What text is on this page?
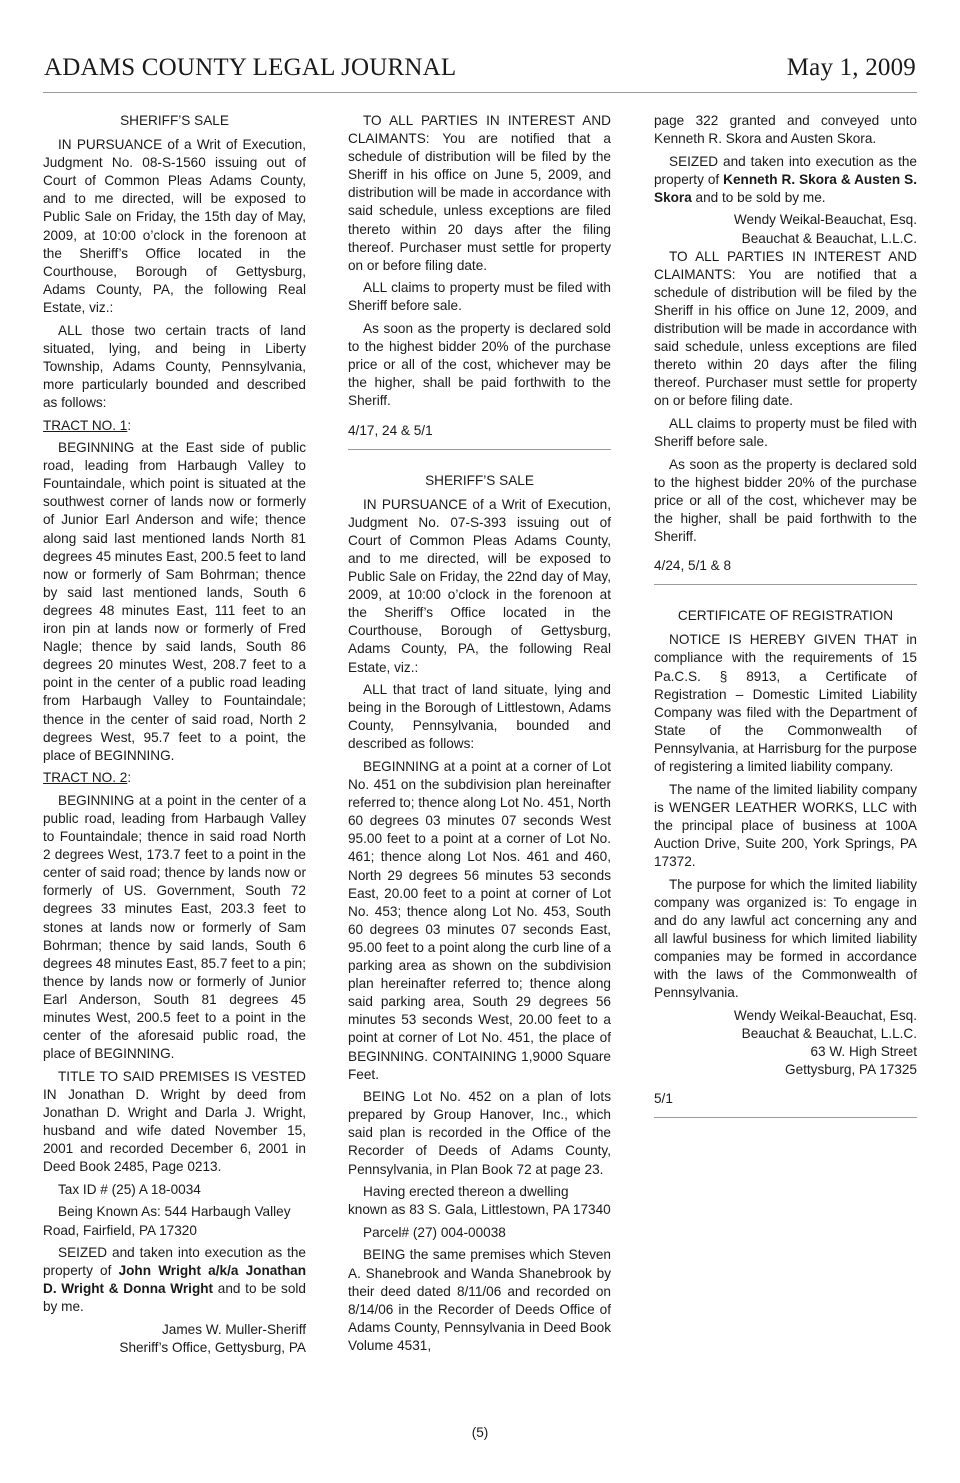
ADAMS COUNTY LEGAL JOURNAL	May 1, 2009

SHERIFF’S SALE

IN PURSUANCE of a Writ of Execution, Judgment No. 08-S-1560 issuing out of Court of Common Pleas Adams County, and to me directed, will be exposed to Public Sale on Friday, the 15th day of May, 2009, at 10:00 o’clock in the forenoon at the Sheriff’s Office located in the Courthouse, Borough of Gettysburg, Adams County, PA, the following Real Estate, viz.:

ALL those two certain tracts of land situated, lying, and being in Liberty Township, Adams County, Pennsylvania, more particularly bounded and described as follows:

TRACT NO. 1:

BEGINNING at the East side of public road, leading from Harbaugh Valley to Fountaindale, which point is situated at the southwest corner of lands now or formerly of Junior Earl Anderson and wife; thence along said last mentioned lands North 81 degrees 45 minutes East, 200.5 feet to land now or formerly of Sam Bohrman; thence by said last mentioned lands, South 6 degrees 48 minutes East, 111 feet to an iron pin at lands now or formerly of Fred Nagle; thence by said lands, South 86 degrees 20 minutes West, 208.7 feet to a point in the center of a public road leading from Harbaugh Valley to Fountaindale; thence in the center of said road, North 2 degrees West, 95.7 feet to a point, the place of BEGINNING.

TRACT NO. 2:

BEGINNING at a point in the center of a public road, leading from Harbaugh Valley to Fountaindale; thence in said road North 2 degrees West, 173.7 feet to a point in the center of said road; thence by lands now or formerly of US. Government, South 72 degrees 33 minutes East, 203.3 feet to stones at lands now or formerly of Sam Bohrman; thence by said lands, South 6 degrees 48 minutes East, 85.7 feet to a pin; thence by lands now or formerly of Junior Earl Anderson, South 81 degrees 45 minutes West, 200.5 feet to a point in the center of the aforesaid public road, the place of BEGINNING.

TITLE TO SAID PREMISES IS VESTED IN Jonathan D. Wright by deed from Jonathan D. Wright and Darla J. Wright, husband and wife dated November 15, 2001 and recorded December 6, 2001 in Deed Book 2485, Page 0213.

Tax ID # (25) A 18-0034

Being Known As: 544 Harbaugh Valley Road, Fairfield, PA 17320

SEIZED and taken into execution as the property of John Wright a/k/a Jonathan D. Wright & Donna Wright and to be sold by me.

James W. Muller-Sheriff

Sheriff’s Office, Gettysburg, PA

TO ALL PARTIES IN INTEREST AND CLAIMANTS: You are notified that a schedule of distribution will be filed by the Sheriff in his office on June 5, 2009, and distribution will be made in accordance with said schedule, unless exceptions are filed thereto within 20 days after the filing thereof. Purchaser must settle for property on or before filing date.

ALL claims to property must be filed with Sheriff before sale.

As soon as the property is declared sold to the highest bidder 20% of the purchase price or all of the cost, whichever may be the higher, shall be paid forthwith to the Sheriff.

4/17, 24 & 5/1

SHERIFF’S SALE

IN PURSUANCE of a Writ of Execution, Judgment No. 07-S-393 issuing out of Court of Common Pleas Adams County, and to me directed, will be exposed to Public Sale on Friday, the 22nd day of May, 2009, at 10:00 o’clock in the forenoon at the Sheriff’s Office located in the Courthouse, Borough of Gettysburg, Adams County, PA, the following Real Estate, viz.:

ALL that tract of land situate, lying and being in the Borough of Littlestown, Adams County, Pennsylvania, bounded and described as follows:

BEGINNING at a point at a corner of Lot No. 451 on the subdivision plan hereinafter referred to; thence along Lot No. 451, North 60 degrees 03 minutes 07 seconds West 95.00 feet to a point at a corner of Lot No. 461; thence along Lot Nos. 461 and 460, North 29 degrees 56 minutes 53 seconds East, 20.00 feet to a point at corner of Lot No. 453; thence along Lot No. 453, South 60 degrees 03 minutes 07 seconds East, 95.00 feet to a point along the curb line of a parking area as shown on the subdivision plan hereinafter referred to; thence along said parking area, South 29 degrees 56 minutes 53 seconds West, 20.00 feet to a point at corner of Lot No. 451, the place of BEGINNING. CONTAINING 1,9000 Square Feet.

BEING Lot No. 452 on a plan of lots prepared by Group Hanover, Inc., which said plan is recorded in the Office of the Recorder of Deeds of Adams County, Pennsylvania, in Plan Book 72 at page 23.

Having erected thereon a dwelling known as 83 S. Gala, Littlestown, PA 17340

Parcel# (27) 004-00038

BEING the same premises which Steven A. Shanebrook and Wanda Shanebrook by their deed dated 8/11/06 and recorded on 8/14/06 in the Recorder of Deeds Office of Adams County, Pennsylvania in Deed Book Volume 4531,

page 322 granted and conveyed unto Kenneth R. Skora and Austen Skora.

SEIZED and taken into execution as the property of Kenneth R. Skora & Austen S. Skora and to be sold by me.

Wendy Weikal-Beauchat, Esq.

Beauchat & Beauchat, L.L.C.

TO ALL PARTIES IN INTEREST AND CLAIMANTS: You are notified that a schedule of distribution will be filed by the Sheriff in his office on June 12, 2009, and distribution will be made in accordance with said schedule, unless exceptions are filed thereto within 20 days after the filing thereof. Purchaser must settle for property on or before filing date.

ALL claims to property must be filed with Sheriff before sale.

As soon as the property is declared sold to the highest bidder 20% of the purchase price or all of the cost, whichever may be the higher, shall be paid forthwith to the Sheriff.

4/24, 5/1 & 8

CERTIFICATE OF REGISTRATION

NOTICE IS HEREBY GIVEN THAT in compliance with the requirements of 15 Pa.C.S. § 8913, a Certificate of Registration – Domestic Limited Liability Company was filed with the Department of State of the Commonwealth of Pennsylvania, at Harrisburg for the purpose of registering a limited liability company.

The name of the limited liability company is WENGER LEATHER WORKS, LLC with the principal place of business at 100A Auction Drive, Suite 200, York Springs, PA 17372.

The purpose for which the limited liability company was organized is: To engage in and do any lawful act concerning any and all lawful business for which limited liability companies may be formed in accordance with the laws of the Commonwealth of Pennsylvania.

Wendy Weikal-Beauchat, Esq.

Beauchat & Beauchat, L.L.C.

63 W. High Street

Gettysburg, PA 17325

5/1

(5)
